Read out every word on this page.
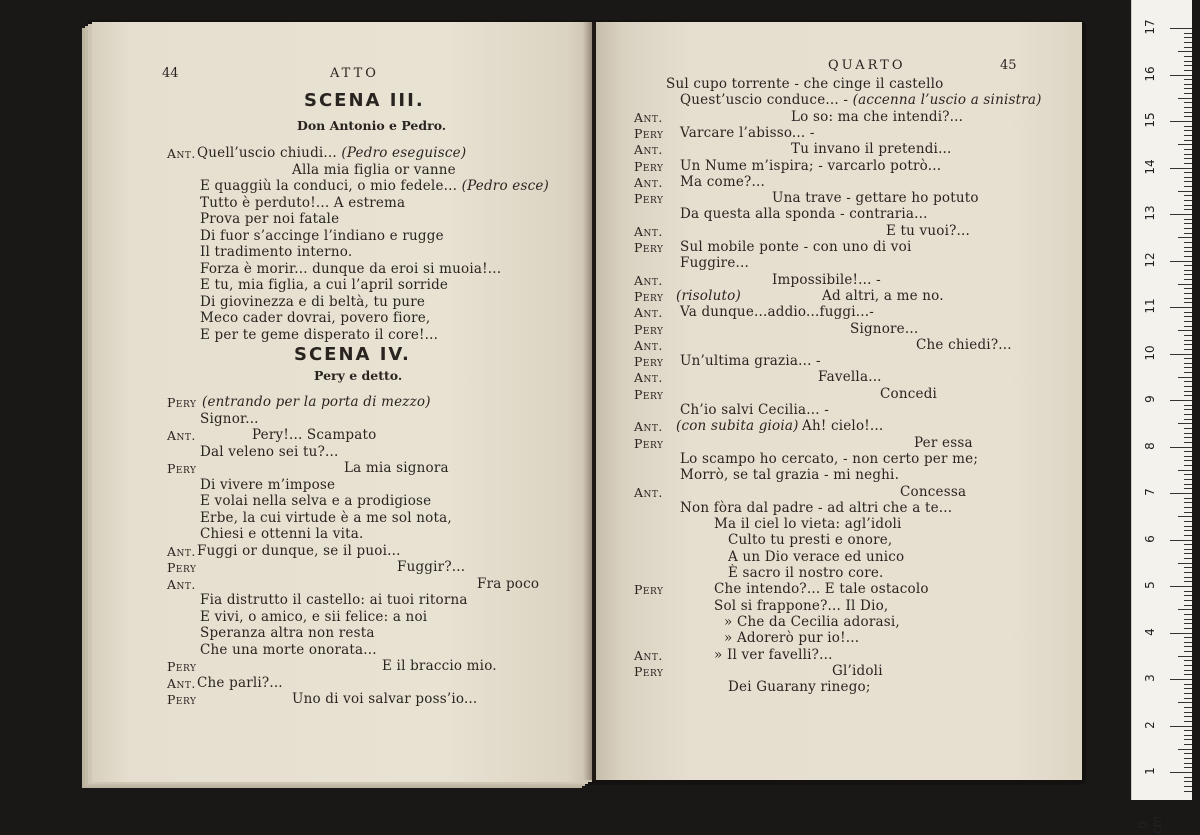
44	ATTO
SCENA III.
Don Antonio e Pedro.
Ant. Quell’uscio chiudi... (Pedro eseguisce)
Alla mia figlia or vanne
E quaggiù la conduci, o mio fedele... (Pedro esce)
Tutto è perduto!... A estrema
Prova per noi fatale
Di fuor s’accinge l’indiano e rugge
Il tradimento interno.
Forza è morir... dunque da eroi si muoia!...
E tu, mia figlia, a cui l’april sorride
Di giovinezza e di beltà, tu pure
Meco cader dovrai, povero fiore,
E per te geme disperato il core!...
SCENA IV.
Pery e detto.
Pery (entrando per la porta di mezzo)
Signor...
Ant.	Pery!... Scampato
Dal veleno sei tu?...
Pery	La mia signora
Di vivere m’impose
E volai nella selva e a prodigiose
Erbe, la cui virtude è a me sol nota,
Chiesi e ottenni la vita.
Ant. Fuggi or dunque, se il puoi...
Pery	Fuggir?...
Ant.	Fra poco
Fia distrutto il castello: ai tuoi ritorna
E vivi, o amico, e sii felice: a noi
Speranza altra non resta
Che una morte onorata...
Pery	E il braccio mio.
Ant. Che parli?...
Pery	Uno di voi salvar poss’io...
QUARTO	45
Sul cupo torrente - che cinge il castello
Quest’uscio conduce... - (accenna l’uscio a sinistra)
Ant.	Lo so: ma che intendi?...
Pery Varcare l’abisso... -
Ant.	Tu invano il pretendi...
Pery Un Nume m’ispira; - varcarlo potrò...
Ant. Ma come?...
Pery	Una trave - gettare ho potuto
Da questa alla sponda - contraria...
Ant.	E tu vuoi?...
Pery Sul mobile ponte - con uno di voi
Fuggire...
Ant.	Impossibile!... -
Pery (risoluto)	Ad altri, a me no.
Ant. Va dunque...addio...fuggi...-
Pery	Signore...
Ant.	Che chiedi?...
Pery Un’ultima grazia... -
Ant.	Favella...
Pery	Concedi
Ch’io salvi Cecilia... -
Ant. (con subita gioia) Ah! cielo!...
Pery	Per essa
Lo scampo ho cercato, - non certo per me;
Morrò, se tal grazia - mi neghi.
Ant.	Concessa
Non fòra dal padre - ad altri che a te...
Ma il ciel lo vieta: agl’idoli
Culto tu presti e onore,
A un Dio verace ed unico
È sacro il nostro core.
Pery	Che intendo?... E tale ostacolo
Sol si frappone?... Il Dio,
» Che da Cecilia adorasi,
» Adorerò pur io!...
Ant.	» Il ver favelli?...
Pery	Gl’idoli
Dei Guarany rinego;
17
16
15
14
13
12
11
10
9
8
7
6
5
4
3
2
1
0 cm
